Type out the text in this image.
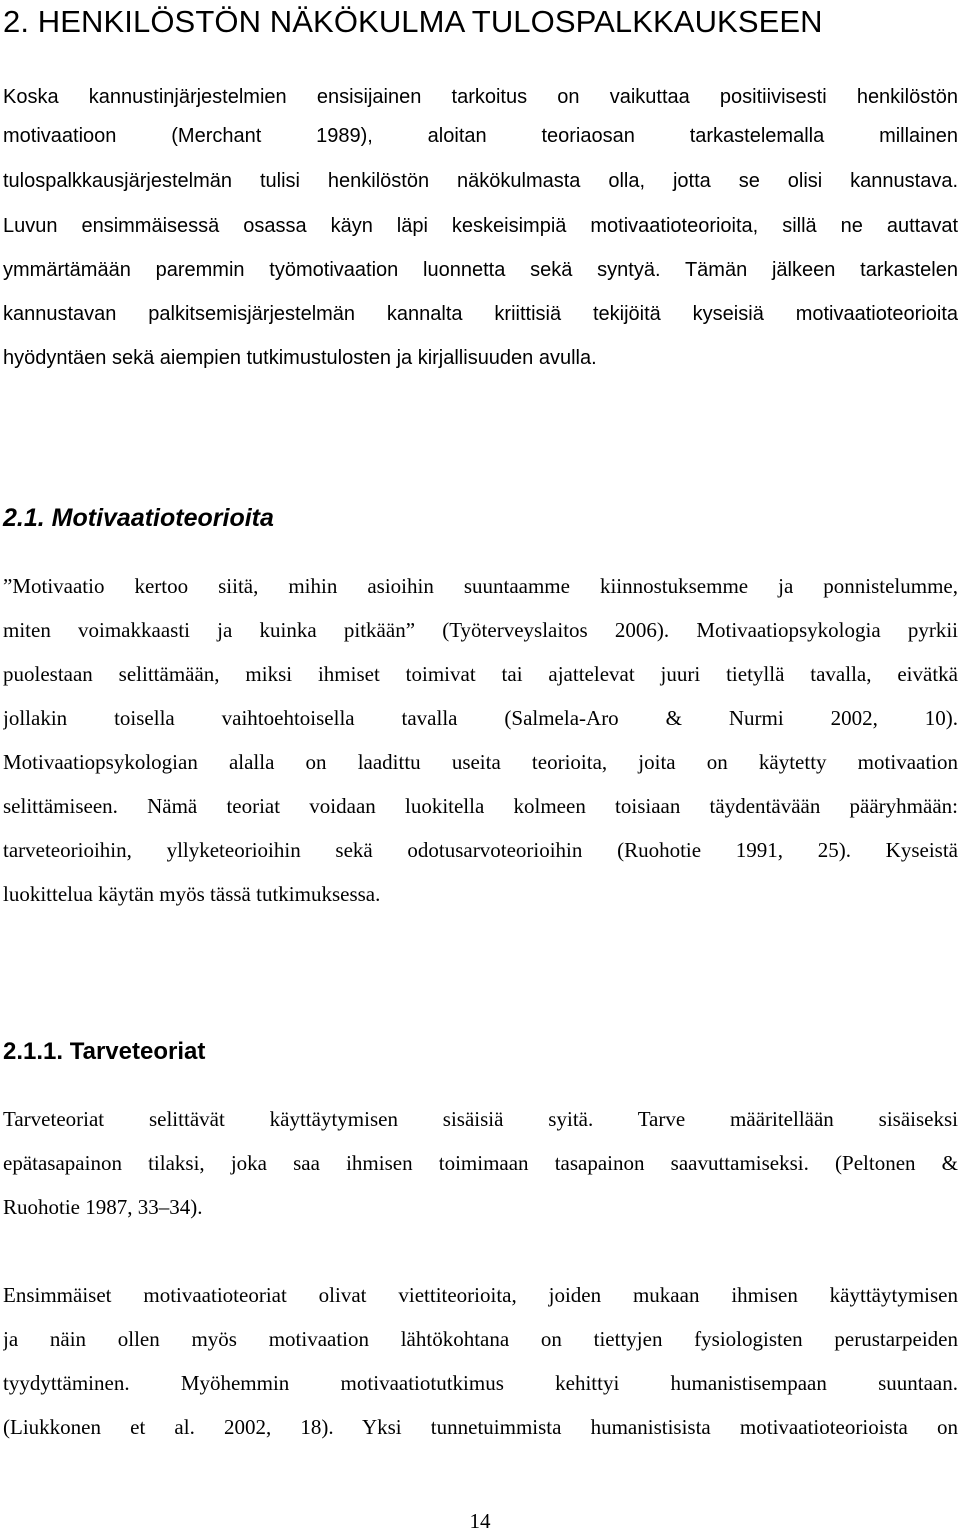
2. HENKILÖSTÖN NÄKÖKULMA TULOSPALKKAUKSEEN
Koska kannustinjärjestelmien ensisijainen tarkoitus on vaikuttaa positiivisesti henkilöstön
motivaatioon (Merchant 1989), aloitan teoriaosan tarkastelemalla millainen
tulospalkkausjärjestelmän tulisi henkilöstön näkökulmasta olla, jotta se olisi kannustava.
Luvun ensimmäisessä osassa käyn läpi keskeisimpiä motivaatioteorioita, sillä ne auttavat
ymmärtämään paremmin työmotivaation luonnetta sekä syntyä. Tämän jälkeen tarkastelen
kannustavan palkitsemisjärjestelmän kannalta kriittisiä tekijöitä kyseisiä motivaatioteorioita
hyödyntäen sekä aiempien tutkimustulosten ja kirjallisuuden avulla.
2.1. Motivaatioteorioita
”Motivaatio kertoo siitä, mihin asioihin suuntaamme kiinnostuksemme ja ponnistelumme,
miten voimakkaasti ja kuinka pitkään” (Työterveyslaitos 2006). Motivaatiopsykologia pyrkii
puolestaan selittämään, miksi ihmiset toimivat tai ajattelevat juuri tietyllä tavalla, eivätkä
jollakin toisella vaihtoehtoisella tavalla (Salmela-Aro & Nurmi 2002, 10).
Motivaatiopsykologian alalla on laadittu useita teorioita, joita on käytetty motivaation
selittämiseen. Nämä teoriat voidaan luokitella kolmeen toisiaan täydentävään pääryhmään:
tarveteorioihin, yllyketeorioihin sekä odotusarvoteorioihin (Ruohotie 1991, 25). Kyseistä
luokittelua käytän myös tässä tutkimuksessa.
2.1.1. Tarveteoriat
Tarveteoriat selittävät käyttäytymisen sisäisiä syitä. Tarve määritellään sisäiseksi
epätasapainon tilaksi, joka saa ihmisen toimimaan tasapainon saavuttamiseksi. (Peltonen &
Ruohotie 1987, 33–34).
Ensimmäiset motivaatioteoriat olivat viettiteorioita, joiden mukaan ihmisen käyttäytymisen
ja näin ollen myös motivaation lähtökohtana on tiettyjen fysiologisten perustarpeiden
tyydyttäminen. Myöhemmin motivaatiotutkimus kehittyi humanistisempaan suuntaan.
(Liukkonen et al. 2002, 18). Yksi tunnetuimmista humanistisista motivaatioteorioista on
14
